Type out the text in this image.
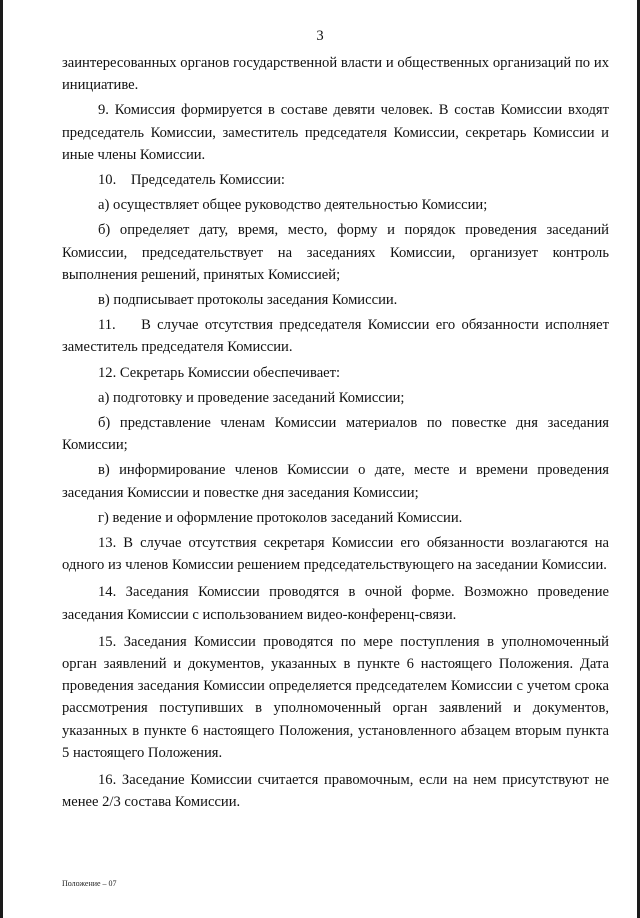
3

заинтересованных органов государственной власти и общественных организаций по их инициативе.

9. Комиссия формируется в составе девяти человек. В состав Комиссии входят председатель Комиссии, заместитель председателя Комиссии, секретарь Комиссии и иные члены Комиссии.

10.    Председатель Комиссии:

а) осуществляет общее руководство деятельностью Комиссии;

б) определяет дату, время, место, форму и порядок проведения заседаний Комиссии, председательствует на заседаниях Комиссии, организует контроль выполнения решений, принятых Комиссией;

в) подписывает протоколы заседания Комиссии.

11.    В случае отсутствия председателя Комиссии его обязанности исполняет заместитель председателя Комиссии.

12. Секретарь Комиссии обеспечивает:

а) подготовку и проведение заседаний Комиссии;

б) представление членам Комиссии материалов по повестке дня заседания Комиссии;

в) информирование членов Комиссии о дате, месте и времени проведения заседания Комиссии и повестке дня заседания Комиссии;

г) ведение и оформление протоколов заседаний Комиссии.

13. В случае отсутствия секретаря Комиссии его обязанности возлагаются на одного из членов Комиссии решением председательствующего на заседании Комиссии.

14. Заседания Комиссии проводятся в очной форме. Возможно проведение заседания Комиссии с использованием видео-конференц-связи.

15. Заседания Комиссии проводятся по мере поступления в уполномоченный орган заявлений и документов, указанных в пункте 6 настоящего Положения. Дата проведения заседания Комиссии определяется председателем Комиссии с учетом срока рассмотрения поступивших в уполномоченный орган заявлений и документов, указанных в пункте 6 настоящего Положения, установленного абзацем вторым пункта 5 настоящего Положения.

16. Заседание Комиссии считается правомочным, если на нем присутствуют не менее 2/3 состава Комиссии.

Положение – 07
